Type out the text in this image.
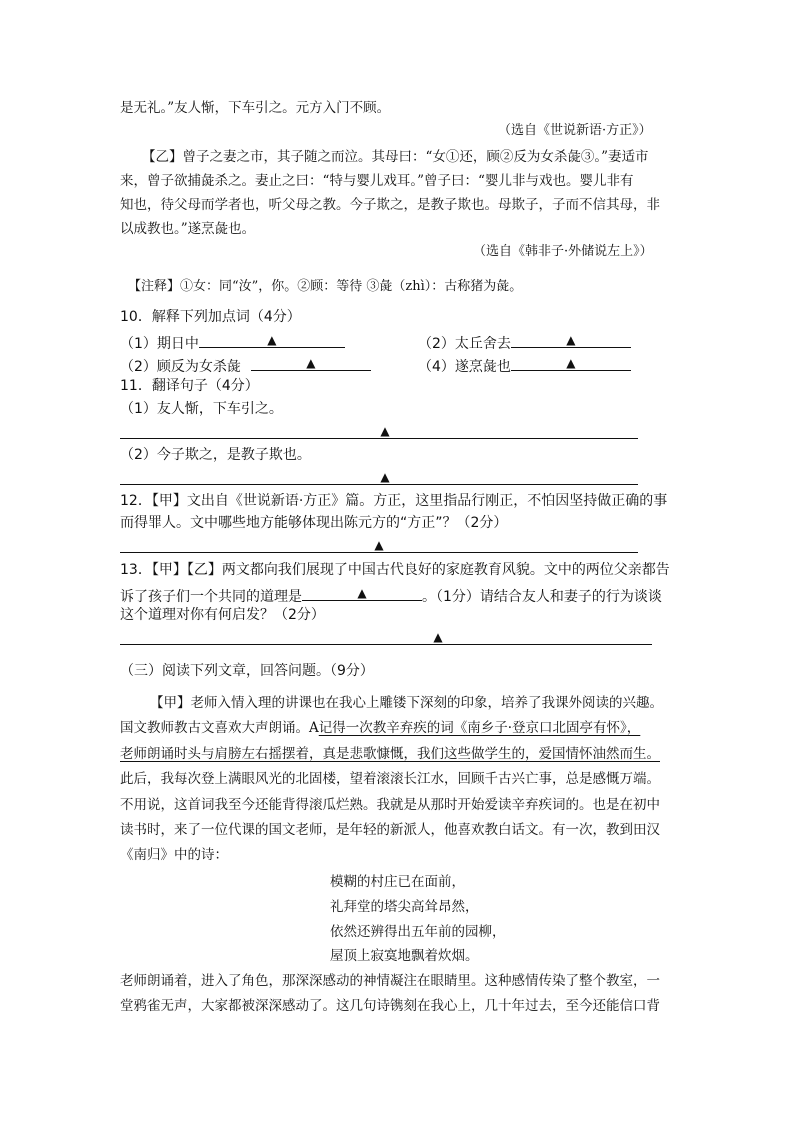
是无礼。”友人惭，下车引之。元方入门不顾。
（选自《世说新语·方正》）
【乙】曾子之妻之市，其子随之而泣。其母曰：“女①还，顾②反为女杀彘③。”妻适市
来，曾子欲捕彘杀之。妻止之曰：“特与婴儿戏耳。”曾子曰：“婴儿非与戏也。婴儿非有
知也，待父母而学者也，听父母之教。今子欺之，是教子欺也。母欺子，子而不信其母，非
以成教也。”遂烹彘也。
（选自《韩非子·外储说左上》）
【注释】①女：同“汝”，你。②顾：等待 ③彘（zhì）：古称猪为彘。
10．解释下列加点词（4分）
（1）期日中	▲	（2）太丘舍去	▲
（2）顾反为女杀彘	▲	（4）遂烹彘也	▲
11．翻译句子（4分）
（1）友人惭，下车引之。
▲
（2）今子欺之，是教子欺也。
▲
12．【甲】文出自《世说新语·方正》篇。方正，这里指品行刚正，不怕因坚持做正确的事
而得罪人。文中哪些地方能够体现出陈元方的“方正”？（2分）
▲
13．【甲】【乙】两文都向我们展现了中国古代良好的家庭教育风貌。文中的两位父亲都告
诉了孩子们一个共同的道理是	▲	。（1分）请结合友人和妻子的行为谈谈
这个道理对你有何启发？（2分）
▲
（三）阅读下列文章，回答问题。（9分）
【甲】老师入情入理的讲课也在我心上雕镂下深刻的印象，培养了我课外阅读的兴趣。
国文教师教古文喜欢大声朗诵。A记得一次教辛弃疾的词《南乡子·登京口北固亭有怀》，
老师朗诵时头与肩膀左右摇摆着，真是悲歌慷慨，我们这些做学生的，爱国情怀油然而生。
此后，我每次登上满眼风光的北固楼，望着滚滚长江水，回顾千古兴亡事，总是感慨万端。
不用说，这首词我至今还能背得滚瓜烂熟。我就是从那时开始爱读辛弃疾词的。也是在初中
读书时，来了一位代课的国文老师，是年轻的新派人，他喜欢教白话文。有一次，教到田汉
《南归》中的诗：
模糊的村庄已在面前，
礼拜堂的塔尖高耸昂然，
依然还辨得出五年前的园柳，
屋顶上寂寞地飘着炊烟。
老师朗诵着，进入了角色，那深深感动的神情凝注在眼睛里。这种感情传染了整个教室，一
堂鸦雀无声，大家都被深深感动了。这几句诗镌刻在我心上，几十年过去，至今还能信口背
